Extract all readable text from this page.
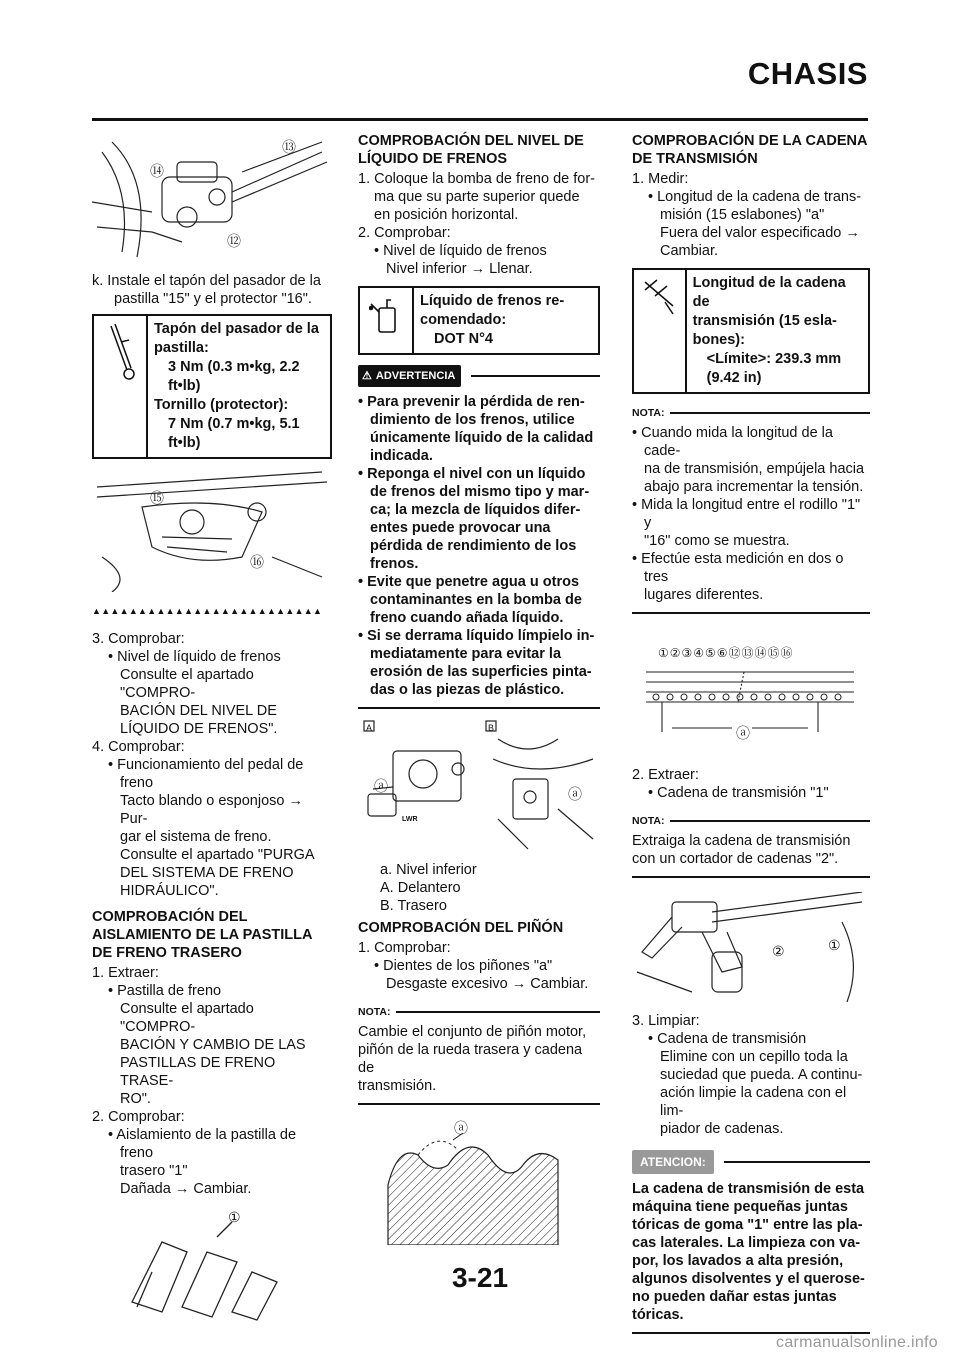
CHASIS
⑬
⑭
⑫
k. Instale el tapón del pasador de la
pastilla "15" y el protector "16".
Tapón del pasador de la
pastilla:
3 Nm (0.3 m•kg, 2.2
ft•lb)
Tornillo (protector):
7 Nm (0.7 m•kg, 5.1
ft•lb)
⑮
⑯
▲▲▲▲▲▲▲▲▲▲▲▲▲▲▲▲▲▲▲▲▲▲▲▲▲
3. Comprobar:
• Nivel de líquido de frenos
Consulte el apartado "COMPRO-
BACIÓN DEL NIVEL DE
LÍQUIDO DE FRENOS".
4. Comprobar:
• Funcionamiento del pedal de
freno
Tacto blando o esponjoso → Pur-
gar el sistema de freno.
Consulte el apartado "PURGA
DEL SISTEMA DE FRENO
HIDRÁULICO".
COMPROBACIÓN DEL
AISLAMIENTO DE LA PASTILLA
DE FRENO TRASERO
1. Extraer:
• Pastilla de freno
Consulte el apartado "COMPRO-
BACIÓN Y CAMBIO DE LAS
PASTILLAS DE FRENO TRASE-
RO".
2. Comprobar:
• Aislamiento de la pastilla de freno
trasero "1"
Dañada → Cambiar.
①
COMPROBACIÓN DEL NIVEL DE
LÍQUIDO DE FRENOS
1. Coloque la bomba de freno de for-
ma que su parte superior quede
en posición horizontal.
2. Comprobar:
• Nivel de líquido de frenos
Nivel inferior → Llenar.
Líquido de frenos re-
comendado:
DOT N°4
⚠ ADVERTENCIA
• Para prevenir la pérdida de ren-
dimiento de los frenos, utilice
únicamente líquido de la calidad
indicada.
• Reponga el nivel con un líquido
de frenos del mismo tipo y mar-
ca; la mezcla de líquidos difer-
entes puede provocar una
pérdida de rendimiento de los
frenos.
• Evite que penetre agua u otros
contaminantes en la bomba de
freno cuando añada líquido.
• Si se derrama líquido límpielo in-
mediatamente para evitar la
erosión de las superficies pinta-
das o las piezas de plástico.
A	B
ⓐ	ⓐ
LWR
a. Nivel inferior
A. Delantero
B. Trasero
COMPROBACIÓN DEL PIÑÓN
1. Comprobar:
• Dientes de los piñones "a"
Desgaste excesivo → Cambiar.
NOTA:
Cambie el conjunto de piñón motor,
piñón de la rueda trasera y cadena de
transmisión.
ⓐ
COMPROBACIÓN DE LA CADENA
DE TRANSMISIÓN
1. Medir:
• Longitud de la cadena de trans-
misión (15 eslabones) "a"
Fuera del valor especificado →
Cambiar.
Longitud de la cadena de
transmisión (15 esla-
bones):
<Límite>: 239.3 mm
(9.42 in)
NOTA:
• Cuando mida la longitud de la cade-
na de transmisión, empújela hacia
abajo para incrementar la tensión.
• Mida la longitud entre el rodillo "1" y
"16" como se muestra.
• Efectúe esta medición en dos o tres
lugares diferentes.
①②③④⑤⑥⑫⑬⑭⑮⑯
ⓐ
2. Extraer:
• Cadena de transmisión "1"
NOTA:
Extraiga la cadena de transmisión
con un cortador de cadenas "2".
②	①
3. Limpiar:
• Cadena de transmisión
Elimine con un cepillo toda la
suciedad que pueda. A continu-
ación limpie la cadena con el lim-
piador de cadenas.
ATENCION:
La cadena de transmisión de esta
máquina tiene pequeñas juntas
tóricas de goma "1" entre las pla-
cas laterales. La limpieza con va-
por, los lavados a alta presión,
algunos disolventes y el querose-
no pueden dañar estas juntas
tóricas.
3-21
carmanualsonline.info
